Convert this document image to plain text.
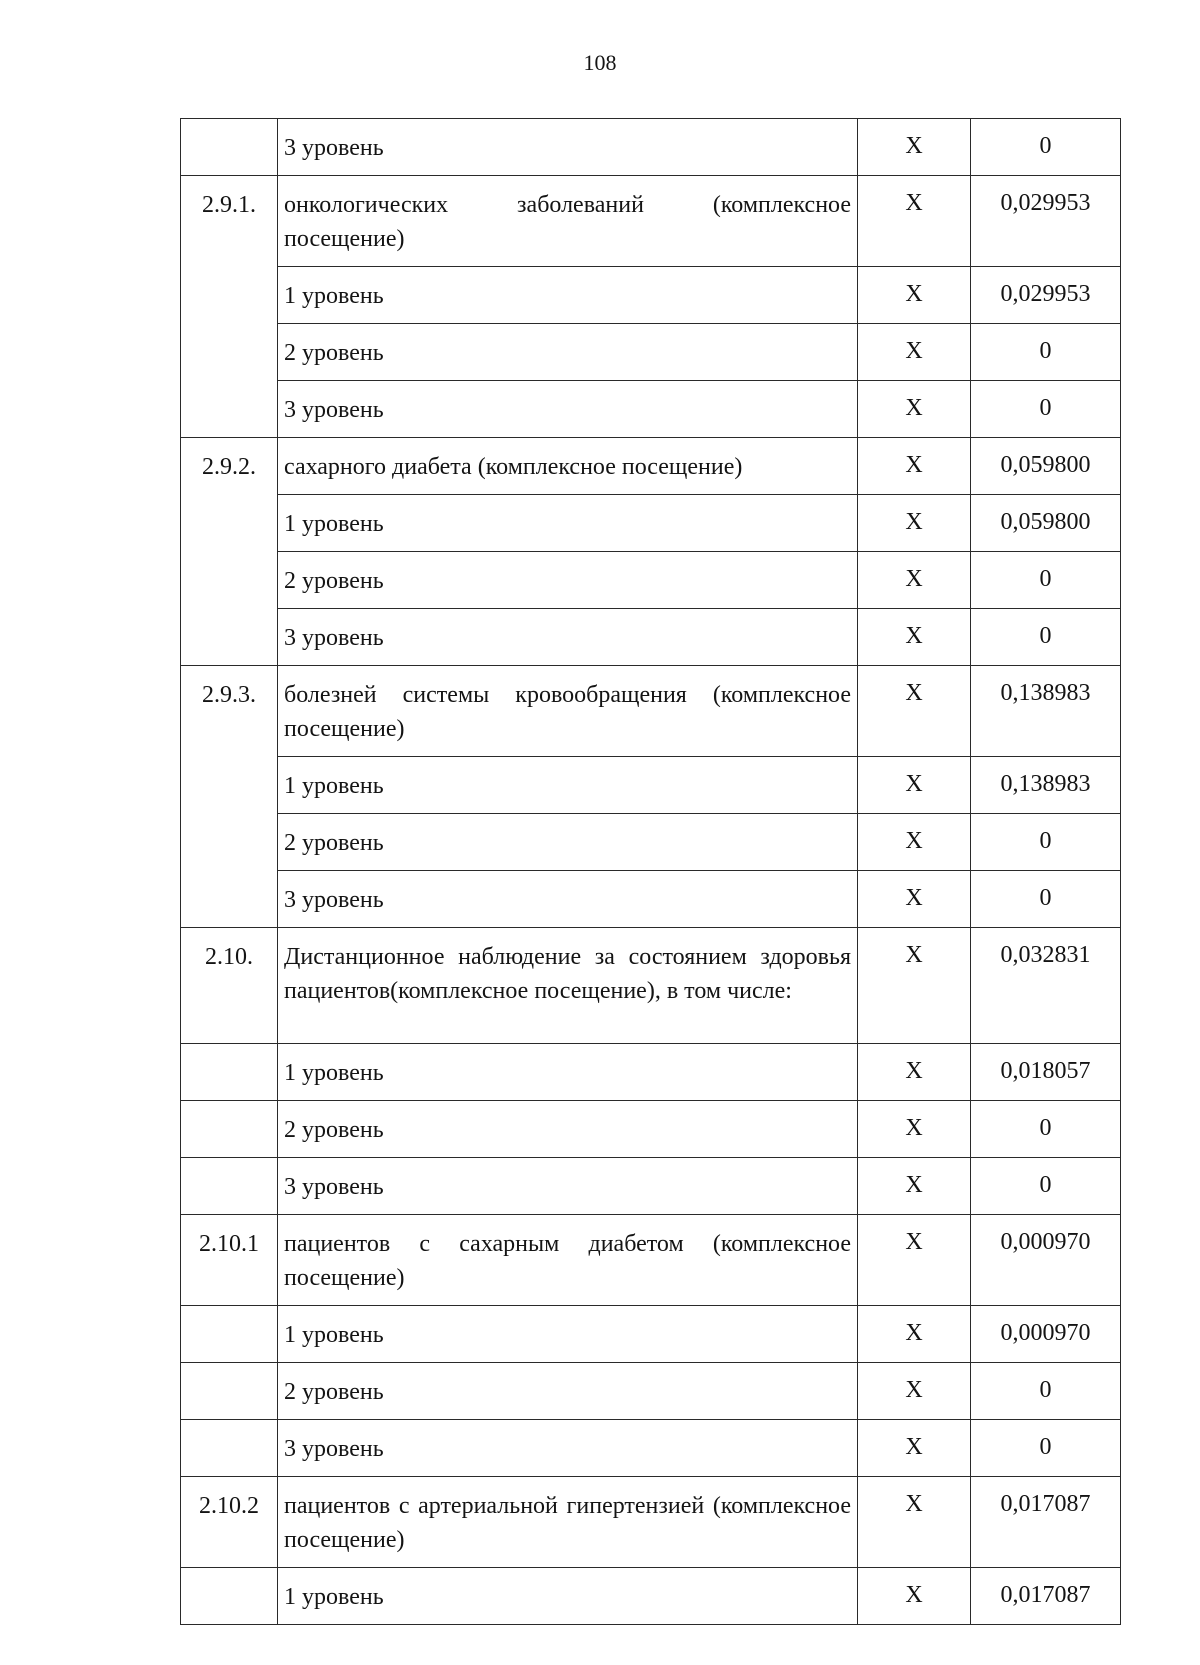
108
	3 уровень	Х	0
2.9.1.	онкологических заболеваний (комплексное посещение)	Х	0,029953
	1 уровень	Х	0,029953
	2 уровень	Х	0
	3 уровень	Х	0
2.9.2.	сахарного диабета (комплексное посещение)	Х	0,059800
	1 уровень	Х	0,059800
	2 уровень	Х	0
	3 уровень	Х	0
2.9.3.	болезней системы кровообращения (комплексное посещение)	Х	0,138983
	1 уровень	Х	0,138983
	2 уровень	Х	0
	3 уровень	Х	0
2.10.	Дистанционное наблюдение за состоянием здоровья пациентов(комплексное посещение), в том числе:	Х	0,032831
	1 уровень	Х	0,018057
	2 уровень	Х	0
	3 уровень	Х	0
2.10.1	пациентов с сахарным диабетом (комплексное посещение)	Х	0,000970
	1 уровень	Х	0,000970
	2 уровень	Х	0
	3 уровень	Х	0
2.10.2	пациентов с артериальной гипертензией (комплексное посещение)	Х	0,017087
	1 уровень	Х	0,017087
